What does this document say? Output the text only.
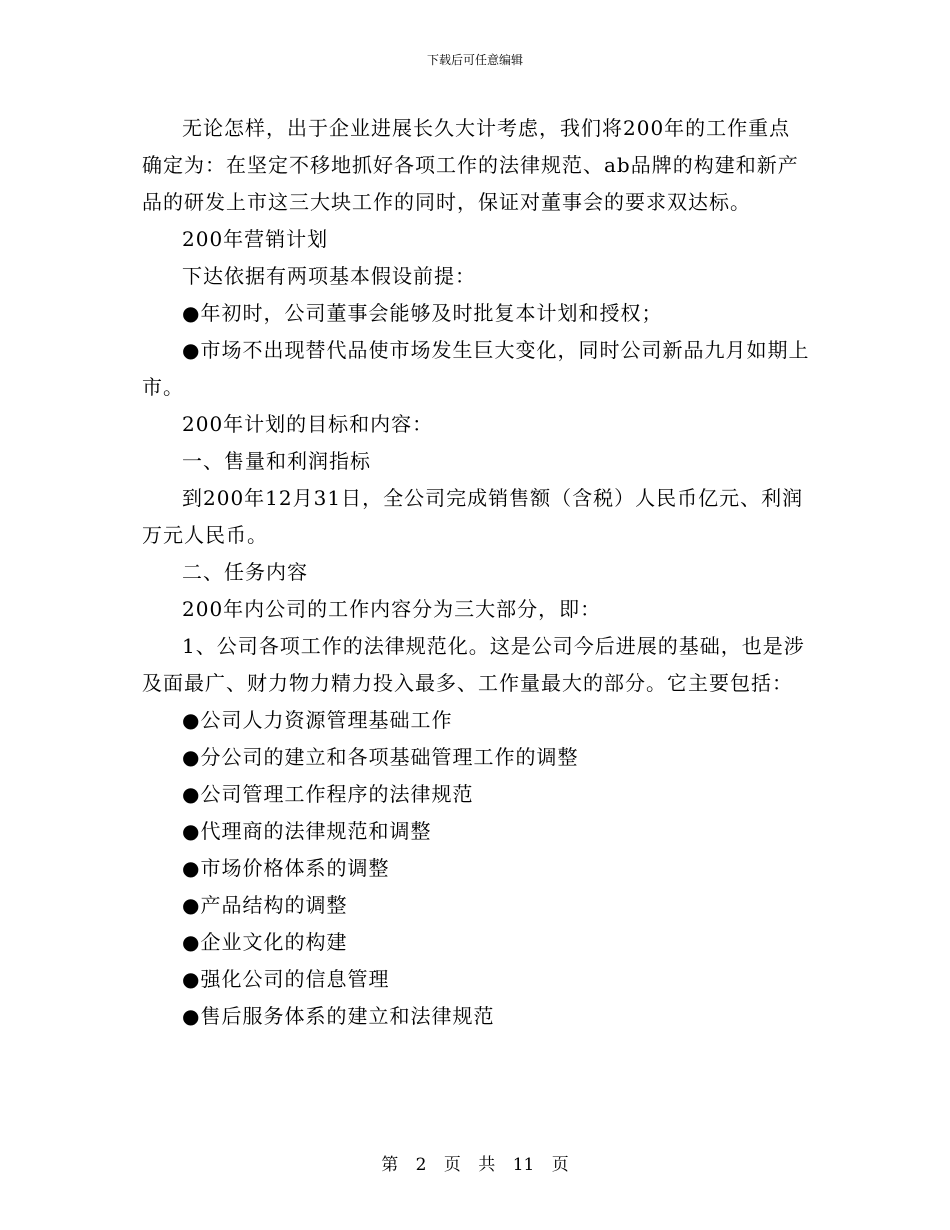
下载后可任意编辑

无论怎样，出于企业进展长久大计考虑，我们将200年的工作重点确定为：在坚定不移地抓好各项工作的法律规范、ab品牌的构建和新产品的研发上市这三大块工作的同时，保证对董事会的要求双达标。

200年营销计划

下达依据有两项基本假设前提：

●年初时，公司董事会能够及时批复本计划和授权；

●市场不出现替代品使市场发生巨大变化，同时公司新品九月如期上市。

200年计划的目标和内容：

一、售量和利润指标

到200年12月31日，全公司完成销售额（含税）人民币亿元、利润万元人民币。

二、任务内容

200年内公司的工作内容分为三大部分，即：

1、公司各项工作的法律规范化。这是公司今后进展的基础，也是涉及面最广、财力物力精力投入最多、工作量最大的部分。它主要包括：

●公司人力资源管理基础工作

●分公司的建立和各项基础管理工作的调整

●公司管理工作程序的法律规范

●代理商的法律规范和调整

●市场价格体系的调整

●产品结构的调整

●企业文化的构建

●强化公司的信息管理

●售后服务体系的建立和法律规范

第 2 页 共 11 页
